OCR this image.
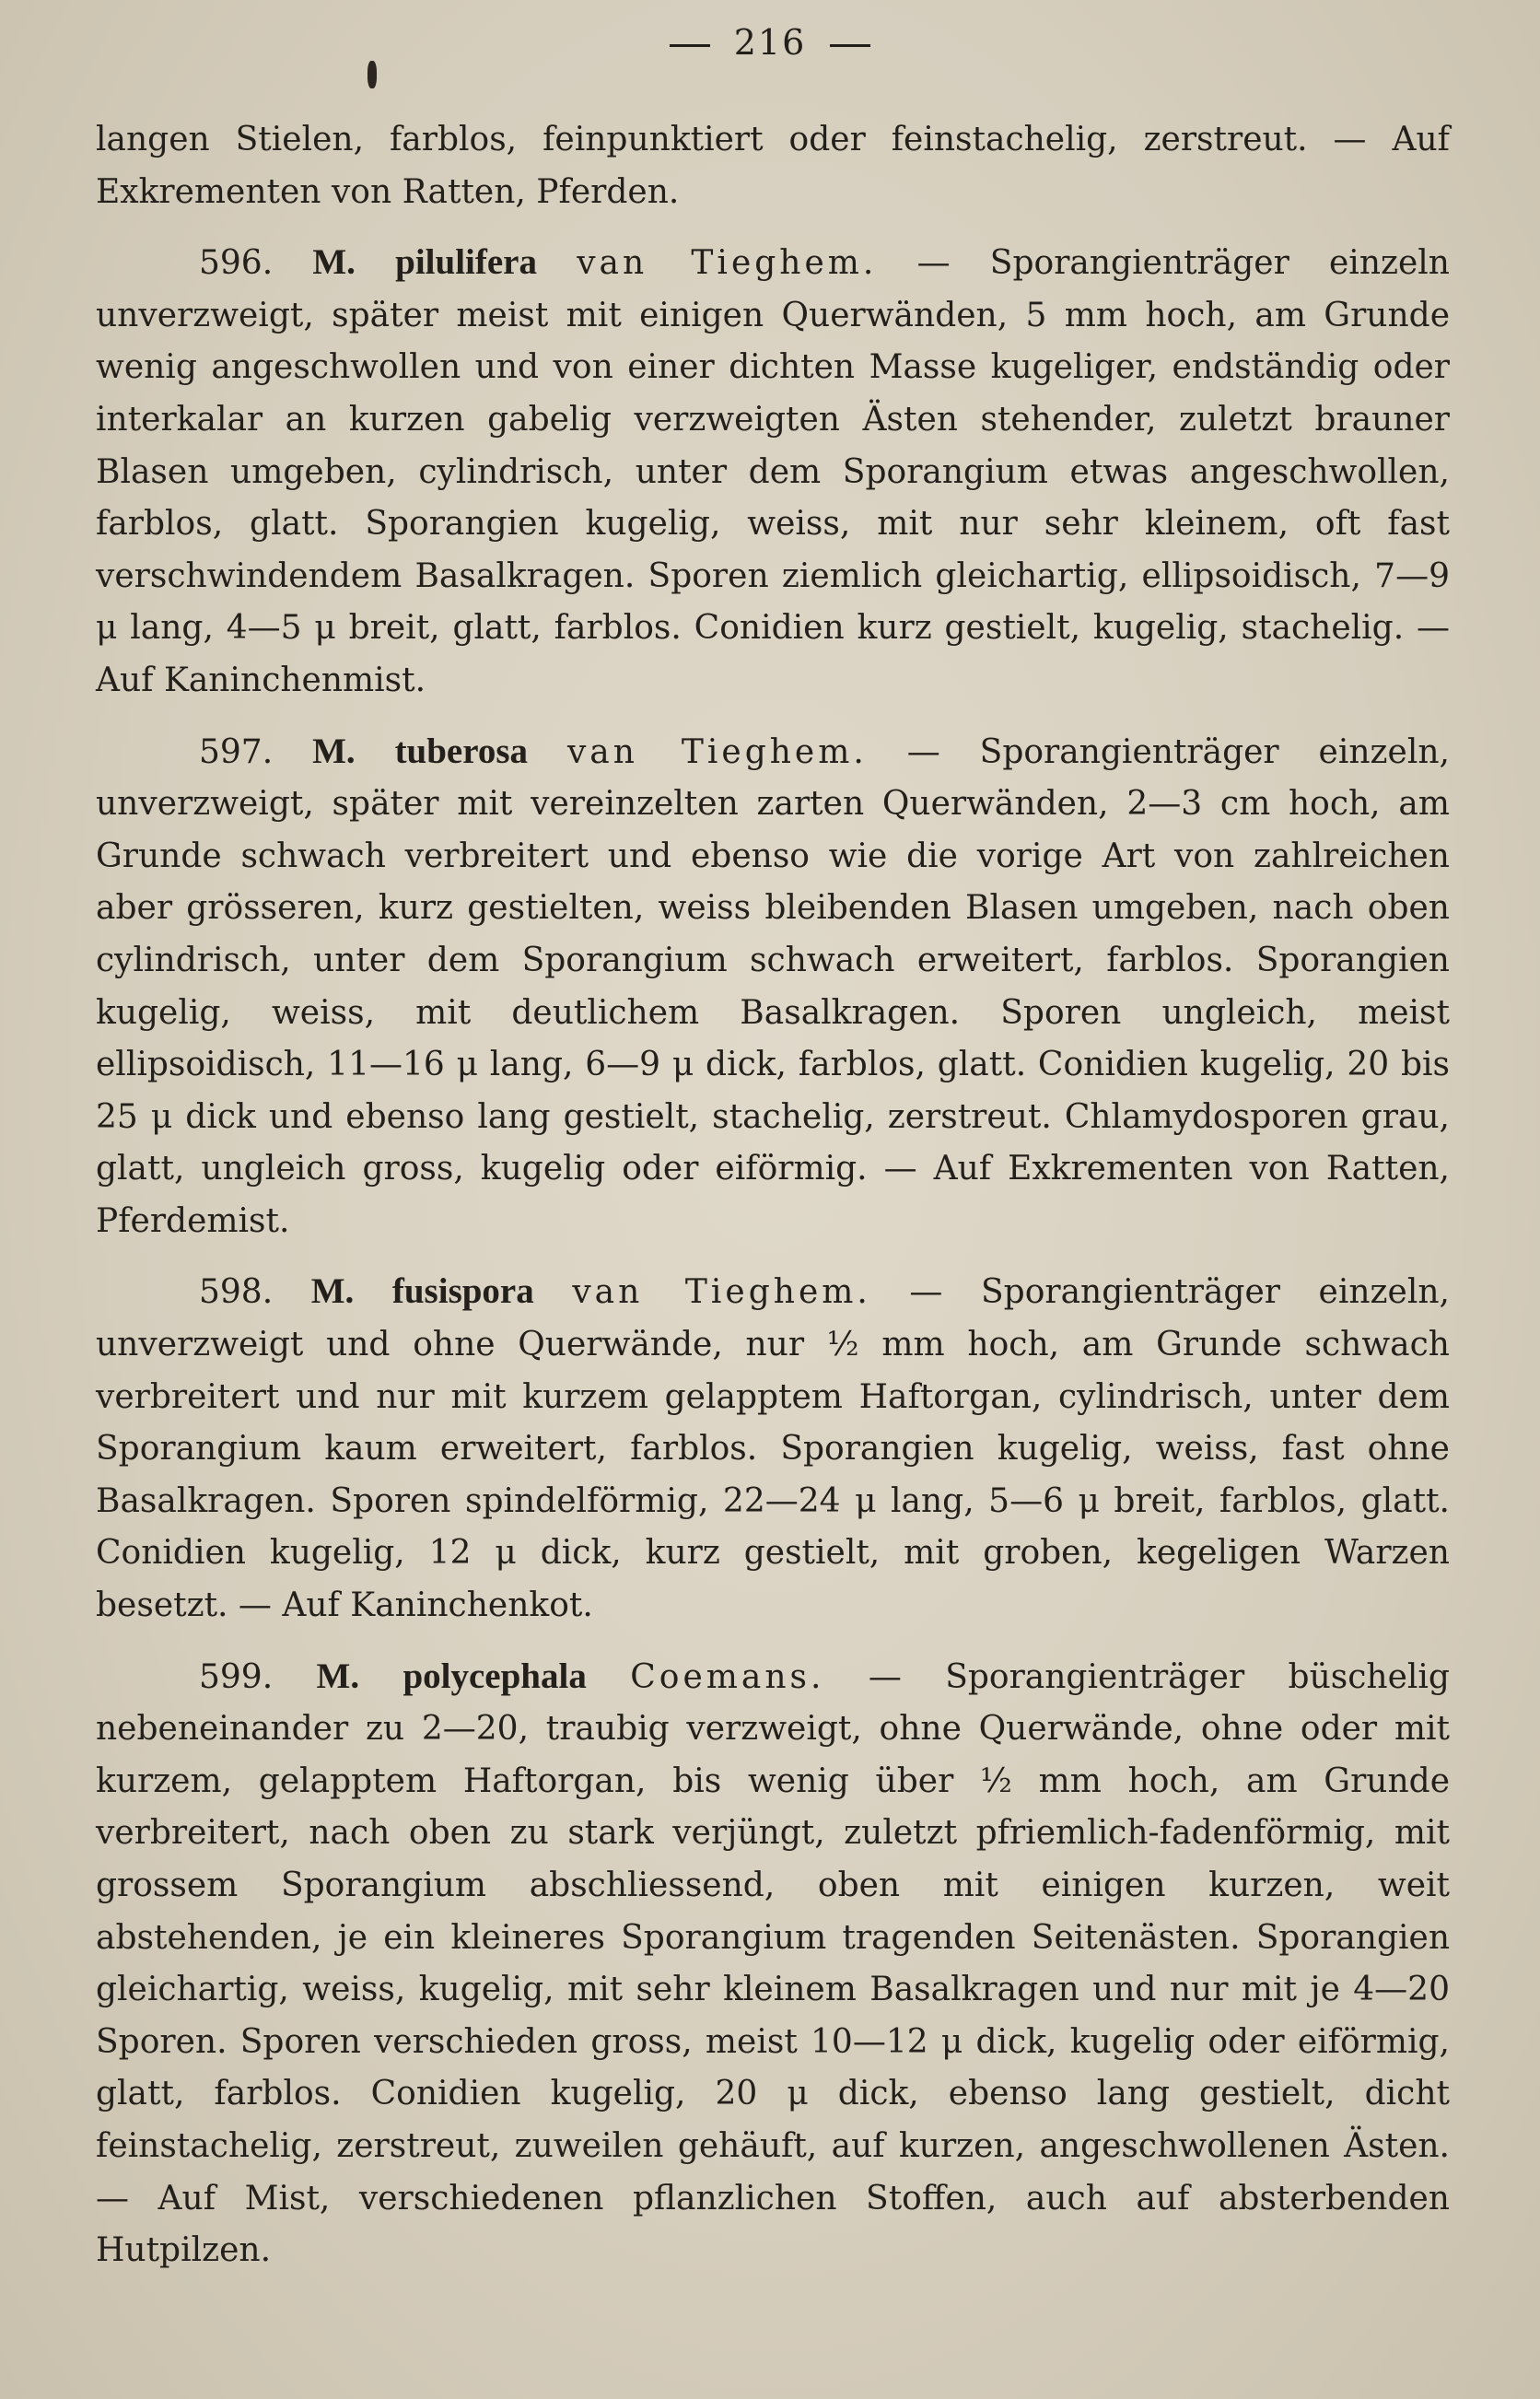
216

langen Stielen, farblos, feinpunktiert oder feinstachelig, zerstreut. — Auf Exkrementen von Ratten, Pferden.

596. M. pilulifera van Tieghem. — Sporangienträger einzeln unverzweigt, später meist mit einigen Querwänden, 5 mm hoch, am Grunde wenig angeschwollen und von einer dichten Masse kugeliger, endständig oder interkalar an kurzen gabelig verzweigten Ästen stehender, zuletzt brauner Blasen umgeben, cylindrisch, unter dem Sporangium etwas angeschwollen, farblos, glatt. Sporangien kugelig, weiss, mit nur sehr kleinem, oft fast verschwindendem Basalkragen. Sporen ziemlich gleichartig, ellipsoidisch, 7—9 μ lang, 4—5 μ breit, glatt, farblos. Conidien kurz gestielt, kugelig, stachelig. — Auf Kaninchenmist.

597. M. tuberosa van Tieghem. — Sporangienträger einzeln, unverzweigt, später mit vereinzelten zarten Querwänden, 2—3 cm hoch, am Grunde schwach verbreitert und ebenso wie die vorige Art von zahlreichen aber grösseren, kurz gestielten, weiss bleibenden Blasen umgeben, nach oben cylindrisch, unter dem Sporangium schwach erweitert, farblos. Sporangien kugelig, weiss, mit deutlichem Basalkragen. Sporen ungleich, meist ellipsoidisch, 11—16 μ lang, 6—9 μ dick, farblos, glatt. Conidien kugelig, 20 bis 25 μ dick und ebenso lang gestielt, stachelig, zerstreut. Chlamydosporen grau, glatt, ungleich gross, kugelig oder eiförmig. — Auf Exkrementen von Ratten, Pferdemist.

598. M. fusispora van Tieghem. — Sporangienträger einzeln, unverzweigt und ohne Querwände, nur ½ mm hoch, am Grunde schwach verbreitert und nur mit kurzem gelapptem Haftorgan, cylindrisch, unter dem Sporangium kaum erweitert, farblos. Sporangien kugelig, weiss, fast ohne Basalkragen. Sporen spindelförmig, 22—24 μ lang, 5—6 μ breit, farblos, glatt. Conidien kugelig, 12 μ dick, kurz gestielt, mit groben, kegeligen Warzen besetzt. — Auf Kaninchenkot.

599. M. polycephala Coemans. — Sporangienträger büschelig nebeneinander zu 2—20, traubig verzweigt, ohne Querwände, ohne oder mit kurzem, gelapptem Haftorgan, bis wenig über ½ mm hoch, am Grunde verbreitert, nach oben zu stark verjüngt, zuletzt pfriemlich-fadenförmig, mit grossem Sporangium abschliessend, oben mit einigen kurzen, weit abstehenden, je ein kleineres Sporangium tragenden Seitenästen. Sporangien gleichartig, weiss, kugelig, mit sehr kleinem Basalkragen und nur mit je 4—20 Sporen. Sporen verschieden gross, meist 10—12 μ dick, kugelig oder eiförmig, glatt, farblos. Conidien kugelig, 20 μ dick, ebenso lang gestielt, dicht feinstachelig, zerstreut, zuweilen gehäuft, auf kurzen, angeschwollenen Ästen. — Auf Mist, verschiedenen pflanzlichen Stoffen, auch auf absterbenden Hutpilzen.
